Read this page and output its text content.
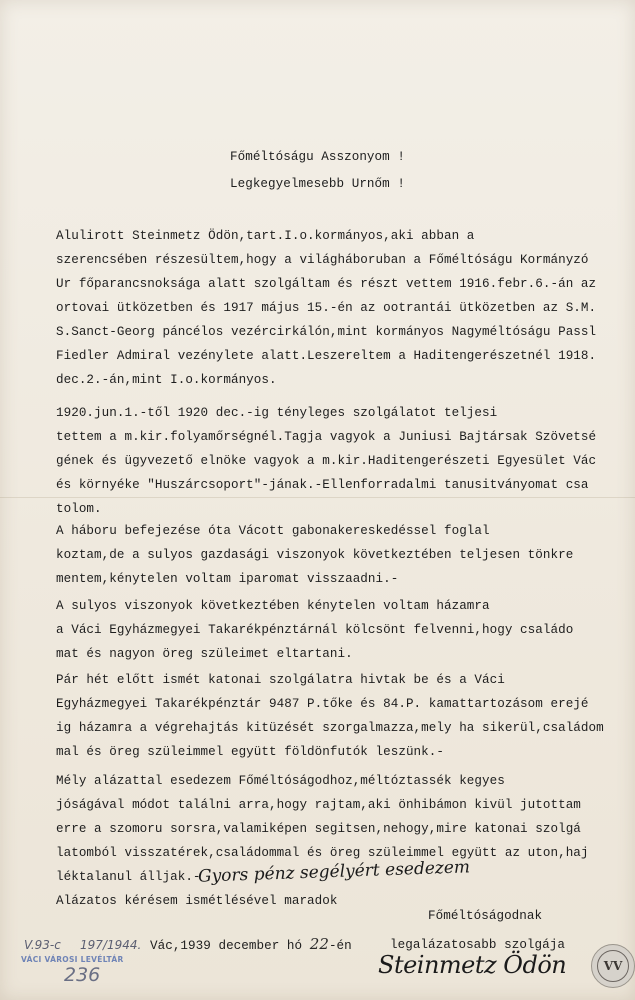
Főméltóságu Asszonyom !
Legkegyelmesebb Urnőm !
Alulirott Steinmetz Ödön,tart.I.o.kormányos,aki abban a
szerencsében részesültem,hogy a világháboruban a Főméltóságu Kormányzó
Ur főparancsnoksága alatt szolgáltam és részt vettem 1916.febr.6.-án az
ortovai ütközetben és 1917 május 15.-én az ootrantái ütközetben az S.M.
S.Sanct-Georg páncélos vezércirkálón,mint kormányos Nagyméltóságu Passl
Fiedler Admiral vezénylete alatt.Leszereltem a Haditengerészetnél 1918.
dec.2.-án,mint I.o.kormányos.
1920.jun.1.-től 1920 dec.-ig tényleges szolgálatot teljesi
tettem a m.kir.folyamőrségnél.Tagja vagyok a Juniusi Bajtársak Szövetsé
gének és ügyvezető elnöke vagyok a m.kir.Haditengerészeti Egyesület Vác
és környéke "Huszárcsoport"-jának.-Ellenforradalmi tanusitványomat csa
tolom.
A háboru befejezése óta Vácott gabonakereskedéssel foglal
koztam,de a sulyos gazdasági viszonyok következtében teljesen tönkre
mentem,kénytelen voltam iparomat visszaadni.-
A sulyos viszonyok következtében kénytelen voltam házamra
a Váci Egyházmegyei Takarékpénztárnál kölcsönt felvenni,hogy családo
mat és nagyon öreg szüleimet eltartani.
Pár hét előtt ismét katonai szolgálatra hivtak be és a Váci
Egyházmegyei Takarékpénztár 9487 P.tőke és 84.P. kamattartozásom erejé
ig házamra a végrehajtás kitüzését szorgalmazza,mely ha sikerül,családom
mal és öreg szüleimmel együtt földönfutók leszünk.-
Mély alázattal esedezem Főméltóságodhoz,méltóztassék kegyes
jóságával módot találni arra,hogy rajtam,aki önhibámon kivül jutottam
erre a szomoru sorsra,valamiképen segitsen,nehogy,mire katonai szolgá
latomból visszatérek,családommal és öreg szüleimmel együtt az uton,haj
léktalanul álljak.-
Gyors pénz segélyért esedezem
Alázatos kérésem ismétlésével maradok
Főméltóságodnak
Vác,1939 december hó 22-én	legalázatosabb szolgája
Steinmetz Ödön
V.93-c 197/1944.
VÁCI VÁROSI LEVÉLTÁR
236	VV
